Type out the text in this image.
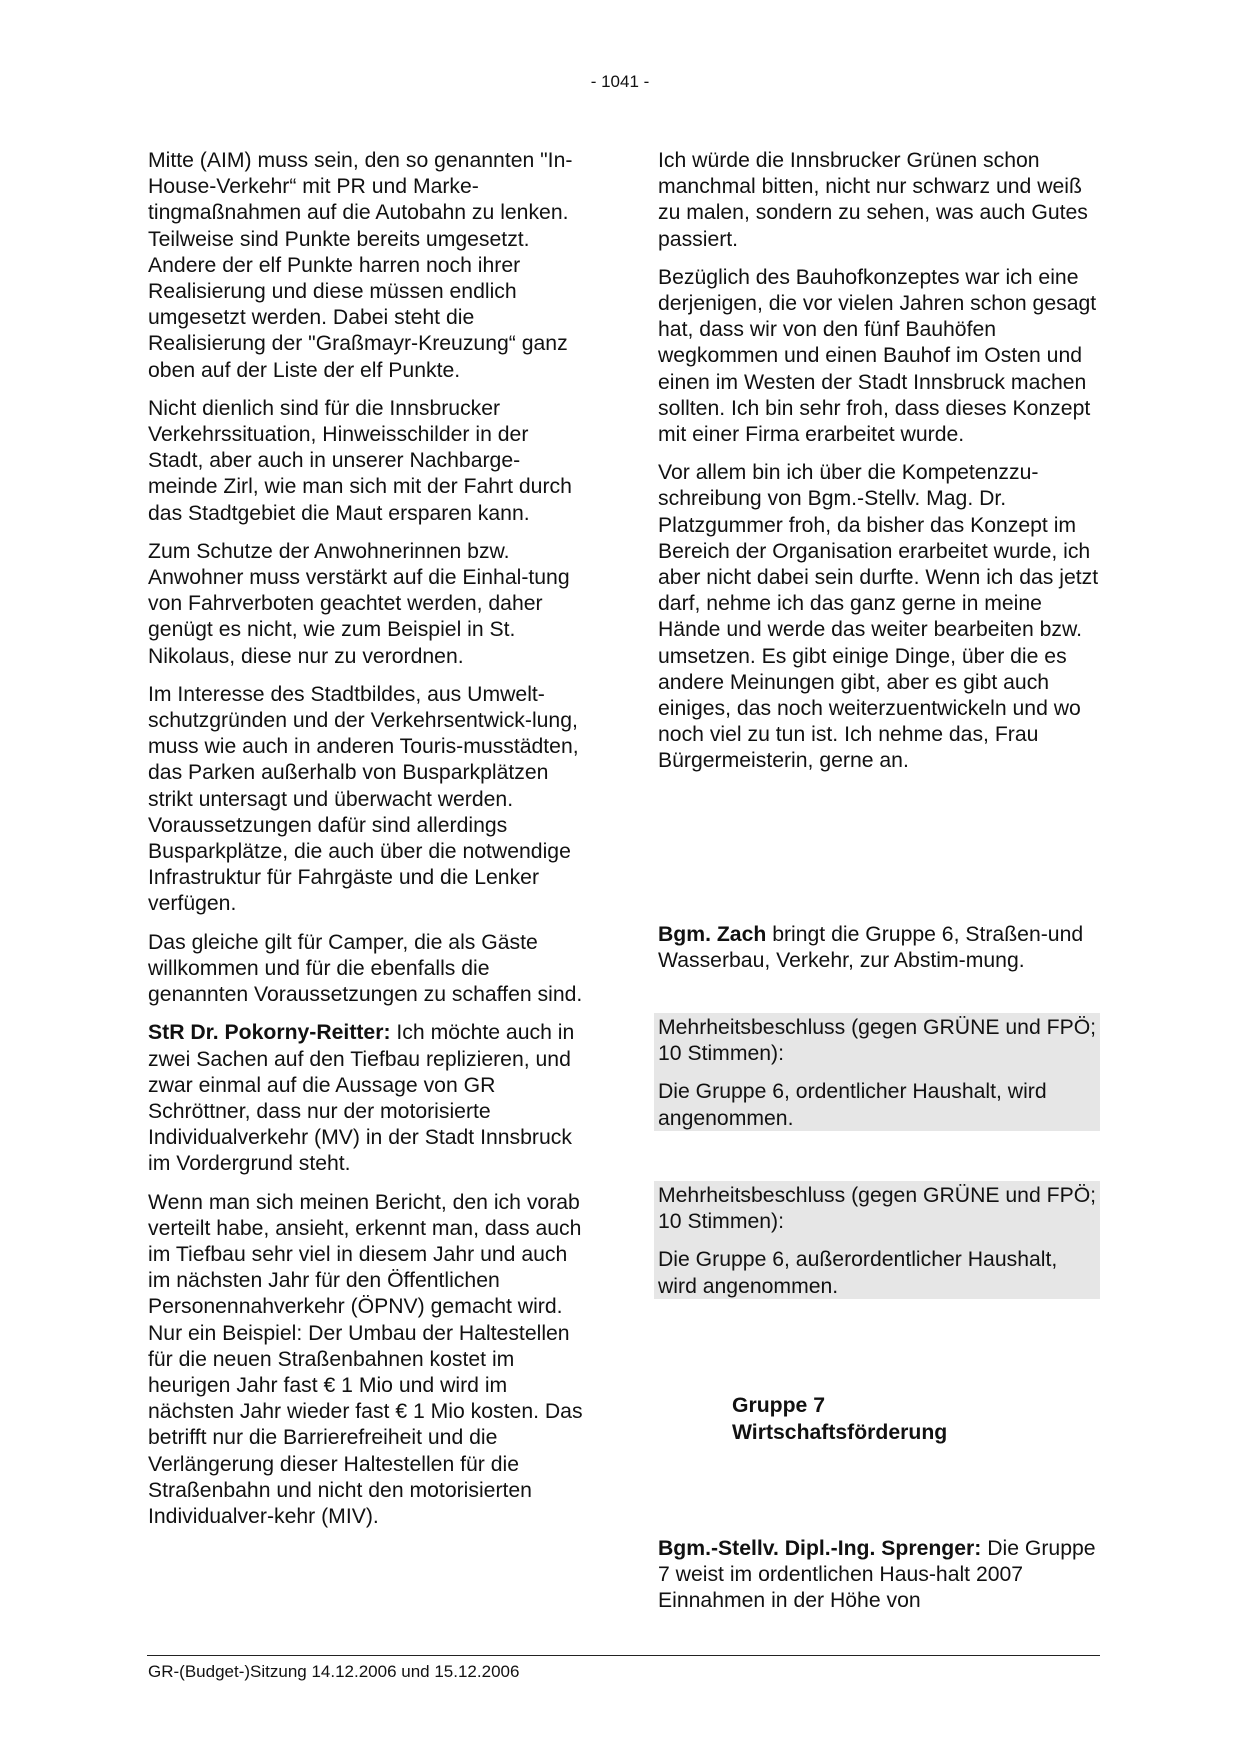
- 1041 -

Mitte (AIM) muss sein, den so genannten "In-House-Verkehr“ mit PR und Marke-tingmaßnahmen auf die Autobahn zu lenken. Teilweise sind Punkte bereits umgesetzt. Andere der elf Punkte harren noch ihrer Realisierung und diese müssen endlich umgesetzt werden. Dabei steht die Realisierung der "Graßmayr-Kreuzung“ ganz oben auf der Liste der elf Punkte.

Nicht dienlich sind für die Innsbrucker Verkehrssituation, Hinweisschilder in der Stadt, aber auch in unserer Nachbarge-meinde Zirl, wie man sich mit der Fahrt durch das Stadtgebiet die Maut ersparen kann.

Zum Schutze der Anwohnerinnen bzw. Anwohner muss verstärkt auf die Einhal-tung von Fahrverboten geachtet werden, daher genügt es nicht, wie zum Beispiel in St. Nikolaus, diese nur zu verordnen.

Im Interesse des Stadtbildes, aus Umwelt-schutzgründen und der Verkehrsentwick-lung, muss wie auch in anderen Touris-musstädten, das Parken außerhalb von Busparkplätzen strikt untersagt und überwacht werden. Voraussetzungen dafür sind allerdings Busparkplätze, die auch über die notwendige Infrastruktur für Fahrgäste und die Lenker verfügen.

Das gleiche gilt für Camper, die als Gäste willkommen und für die ebenfalls die genannten Voraussetzungen zu schaffen sind.

StR Dr. Pokorny-Reitter: Ich möchte auch in zwei Sachen auf den Tiefbau replizieren, und zwar einmal auf die Aussage von GR Schröttner, dass nur der motorisierte Individualverkehr (MV) in der Stadt Innsbruck im Vordergrund steht.

Wenn man sich meinen Bericht, den ich vorab verteilt habe, ansieht, erkennt man, dass auch im Tiefbau sehr viel in diesem Jahr und auch im nächsten Jahr für den Öffentlichen Personennahverkehr (ÖPNV) gemacht wird. Nur ein Beispiel: Der Umbau der Haltestellen für die neuen Straßenbahnen kostet im heurigen Jahr fast € 1 Mio und wird im nächsten Jahr wieder fast € 1 Mio kosten. Das betrifft nur die Barrierefreiheit und die Verlängerung dieser Haltestellen für die Straßenbahn und nicht den motorisierten Individualver-kehr (MIV).

Ich würde die Innsbrucker Grünen schon manchmal bitten, nicht nur schwarz und weiß zu malen, sondern zu sehen, was auch Gutes passiert.

Bezüglich des Bauhofkonzeptes war ich eine derjenigen, die vor vielen Jahren schon gesagt hat, dass wir von den fünf Bauhöfen wegkommen und einen Bauhof im Osten und einen im Westen der Stadt Innsbruck machen sollten. Ich bin sehr froh, dass dieses Konzept mit einer Firma erarbeitet wurde.

Vor allem bin ich über die Kompetenzzu-schreibung von Bgm.-Stellv. Mag. Dr. Platzgummer froh, da bisher das Konzept im Bereich der Organisation erarbeitet wurde, ich aber nicht dabei sein durfte. Wenn ich das jetzt darf, nehme ich das ganz gerne in meine Hände und werde das weiter bearbeiten bzw. umsetzen. Es gibt einige Dinge, über die es andere Meinungen gibt, aber es gibt auch einiges, das noch weiterzuentwickeln und wo noch viel zu tun ist. Ich nehme das, Frau Bürgermeisterin, gerne an.

Bgm. Zach bringt die Gruppe 6, Straßen-und Wasserbau, Verkehr, zur Abstim-mung.

Mehrheitsbeschluss (gegen GRÜNE und FPÖ; 10 Stimmen):

Die Gruppe 6, ordentlicher Haushalt, wird angenommen.

Mehrheitsbeschluss (gegen GRÜNE und FPÖ; 10 Stimmen):

Die Gruppe 6, außerordentlicher Haushalt, wird angenommen.

Gruppe 7
Wirtschaftsförderung

Bgm.-Stellv. Dipl.-Ing. Sprenger: Die Gruppe 7 weist im ordentlichen Haus-halt 2007 Einnahmen in der Höhe von

GR-(Budget-)Sitzung 14.12.2006 und 15.12.2006
